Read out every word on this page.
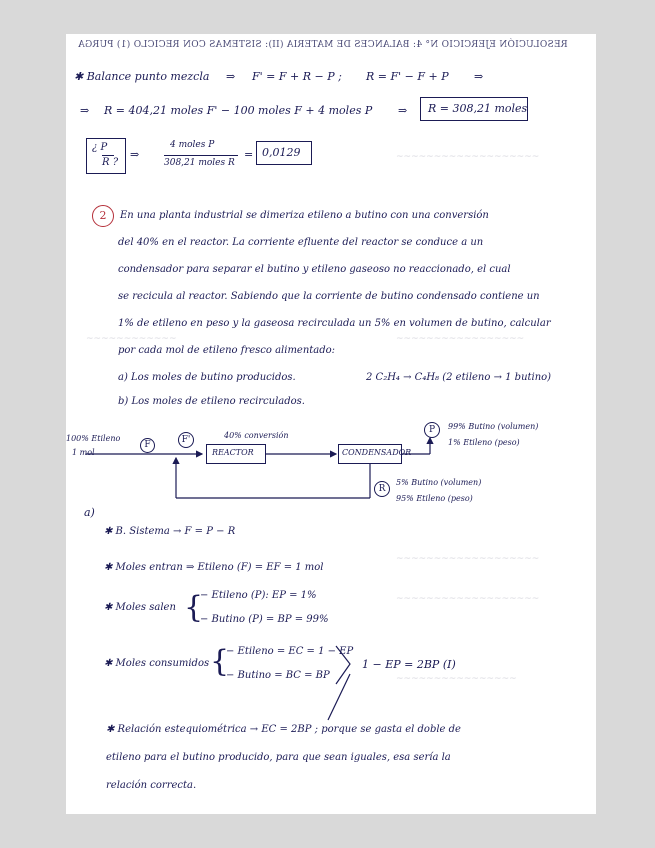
~~~~~~~~~~~~~~~~~~~
~~~~~~~~~~~~~~~~~
~~~~~~~~~~~~
~~~~~~~~~~~~~~~~~~~
~~~~~~~~~~~~~~~~~~~
~~~~~~~~~~~~~~~~
RESOLUCIÓN EJERCICIO N° 4: BALANCES DE MATERIA (II): SISTEMAS CON RECICLO (1) PURGA
✱ Balance punto mezcla ⇒ F' = F + R − P ; R = F' − F + P ⇒
⇒ R = 404,21 moles F' − 100 moles F + 4 moles P ⇒ R = 308,21 moles
¿ P
R ?
⇒
4 moles P
308,21 moles R
= 0,0129
2	En una planta industrial se dimeriza etileno a butino con una conversión
del 40% en el reactor. La corriente efluente del reactor se conduce a un
condensador para separar el butino y etileno gaseoso no reaccionado, el cual
se recicula al reactor. Sabiendo que la corriente de butino condensado contiene un
1% de etileno en peso y la gaseosa recirculada un 5% en volumen de butino, calcular
por cada mol de etileno fresco alimentado:
a) Los moles de butino producidos.	2 C₂H₄ → C₄H₈ (2 etileno → 1 butino)
b) Los moles de etileno recirculados.
100% Etileno
1 mol
F	F'	40% conversión
REACTOR	CONDENSADOR
P	99% Butino (volumen)
1% Etileno (peso)
R
5% Butino (volumen)
95% Etileno (peso)
a)
✱ B. Sistema → F = P − R
✱ Moles entran ⇒ Etileno (F) = EF = 1 mol
✱ Moles salen {
− Etileno (P): EP = 1%
− Butino (P) = BP = 99%
✱ Moles consumidos {
− Etileno = EC = 1 − EP
− Butino = BC = BP
1 − EP = 2BP (I)
✱ Relación estequiométrica → EC = 2BP ; porque se gasta el doble de
etileno para el butino producido, para que sean iguales, esa sería la
relación correcta.
